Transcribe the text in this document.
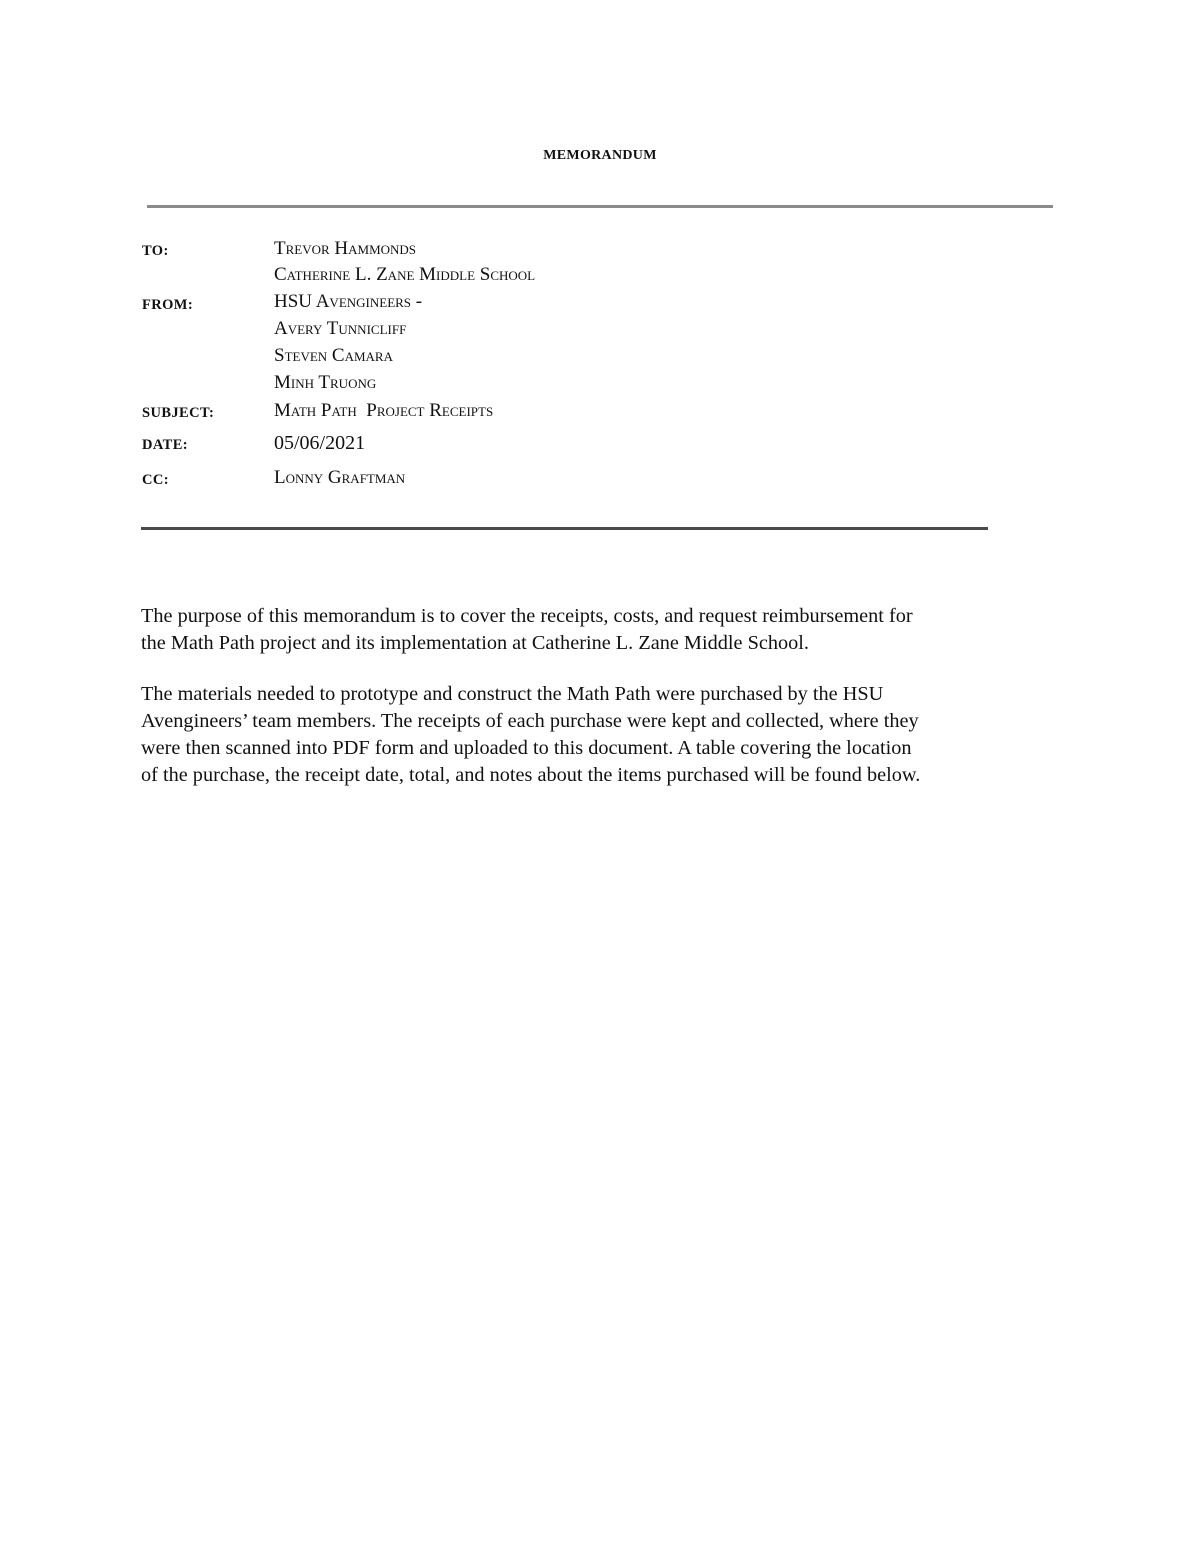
MEMORANDUM
TO:	Trevor Hammonds
Catherine L. Zane Middle School
FROM:	HSU Avengineers -
Avery Tunnicliff
Steven Camara
Minh Truong
SUBJECT:	Math Path  Project Receipts
DATE:	05/06/2021
CC:	Lonny Graftman

The purpose of this memorandum is to cover the receipts, costs, and request reimbursement for
the Math Path project and its implementation at Catherine L. Zane Middle School.

The materials needed to prototype and construct the Math Path were purchased by the HSU
Avengineers’ team members. The receipts of each purchase were kept and collected, where they
were then scanned into PDF form and uploaded to this document. A table covering the location
of the purchase, the receipt date, total, and notes about the items purchased will be found below.
